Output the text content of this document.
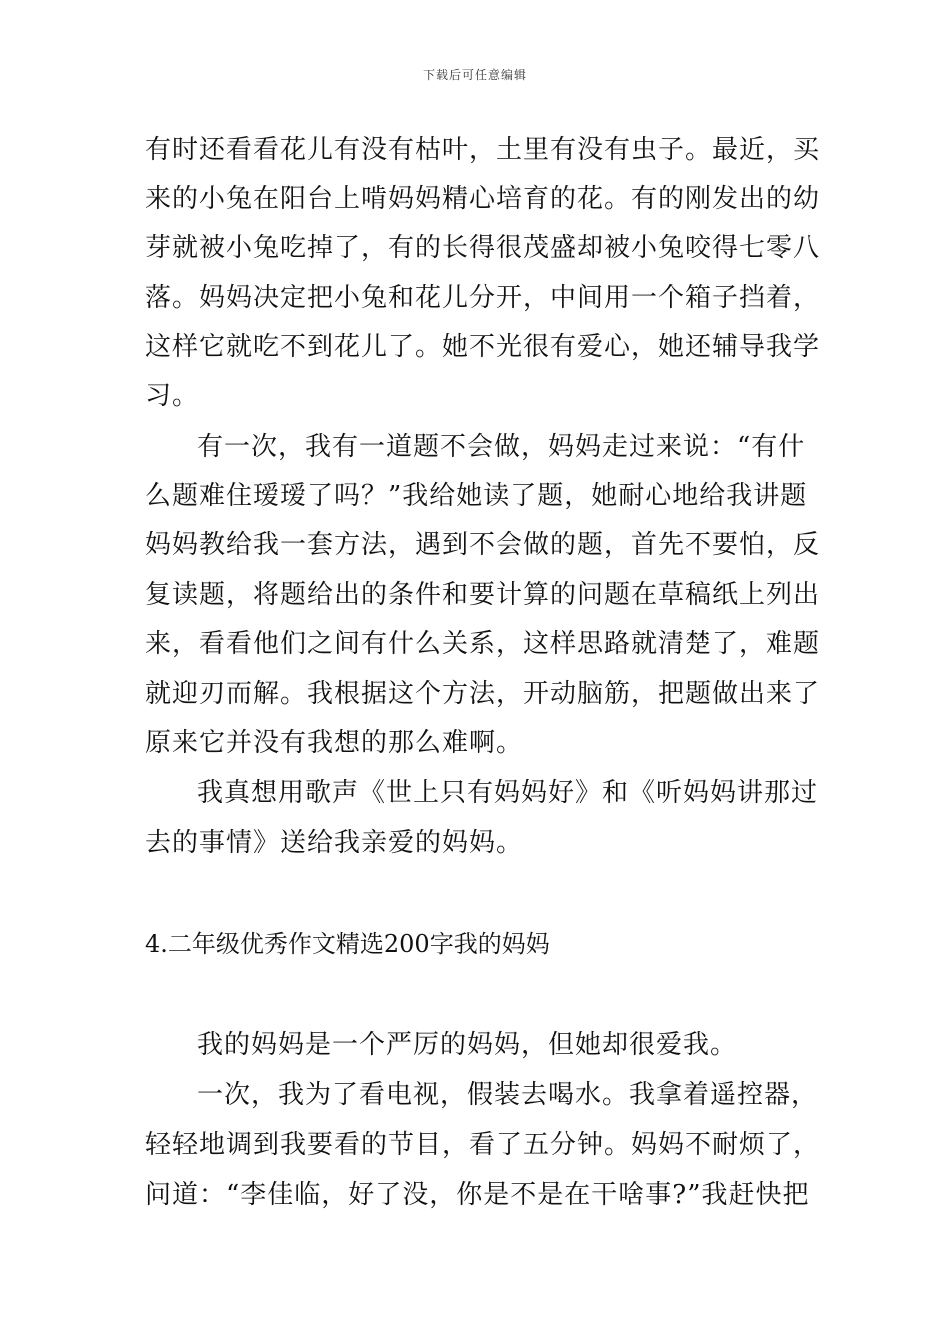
下载后可任意编辑
有时还看看花儿有没有枯叶，土里有没有虫子。最近，买
来的小兔在阳台上啃妈妈精心培育的花。有的刚发出的幼
芽就被小兔吃掉了，有的长得很茂盛却被小兔咬得七零八
落。妈妈决定把小兔和花儿分开，中间用一个箱子挡着，
这样它就吃不到花儿了。她不光很有爱心，她还辅导我学
习。
有一次，我有一道题不会做，妈妈走过来说：“有什
么题难住瑷瑷了吗？”我给她读了题，她耐心地给我讲题
妈妈教给我一套方法，遇到不会做的题，首先不要怕，反
复读题，将题给出的条件和要计算的问题在草稿纸上列出
来，看看他们之间有什么关系，这样思路就清楚了，难题
就迎刃而解。我根据这个方法，开动脑筋，把题做出来了
原来它并没有我想的那么难啊。
我真想用歌声《世上只有妈妈好》和《听妈妈讲那过
去的事情》送给我亲爱的妈妈。
4.二年级优秀作文精选200字我的妈妈
我的妈妈是一个严厉的妈妈，但她却很爱我。
一次，我为了看电视，假装去喝水。我拿着遥控器，
轻轻地调到我要看的节目，看了五分钟。妈妈不耐烦了，
问道：“李佳临，好了没，你是不是在干啥事?”我赶快把
